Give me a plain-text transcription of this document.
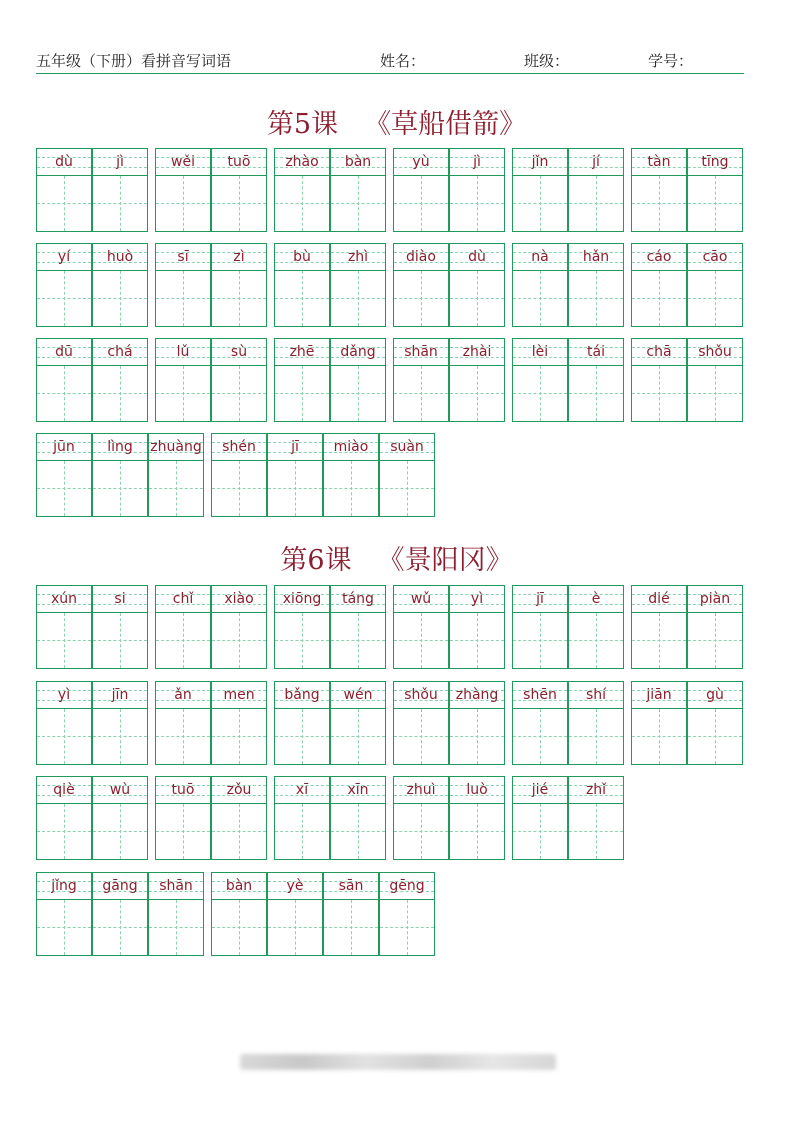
五年级（下册）看拼音写词语	姓名：	班级：	学号：
第5课 《草船借箭》
第6课 《景阳冈》
dù	jì	wěi	tuō	zhào	bàn	yù	jì	jǐn	jí	tàn	tīng
yí	huò	sī	zì	bù	zhì	diào	dù	nà	hǎn	cáo	cāo
dū	chá	lǔ	sù	zhē	dǎng	shān	zhài	lèi	tái	chā	shǒu
jūn	lìng	zhuàng	shén	jī	miào	suàn
xún	si	chǐ	xiào	xiōng	táng	wǔ	yì	jī	è	dié	piàn
yì	jīn	ǎn	men	bǎng	wén	shǒu	zhàng	shēn	shí	jiān	gù
qiè	wù	tuō	zǒu	xī	xīn	zhuì	luò	jié	zhǐ
jǐng	gāng	shān	bàn	yè	sān	gēng
